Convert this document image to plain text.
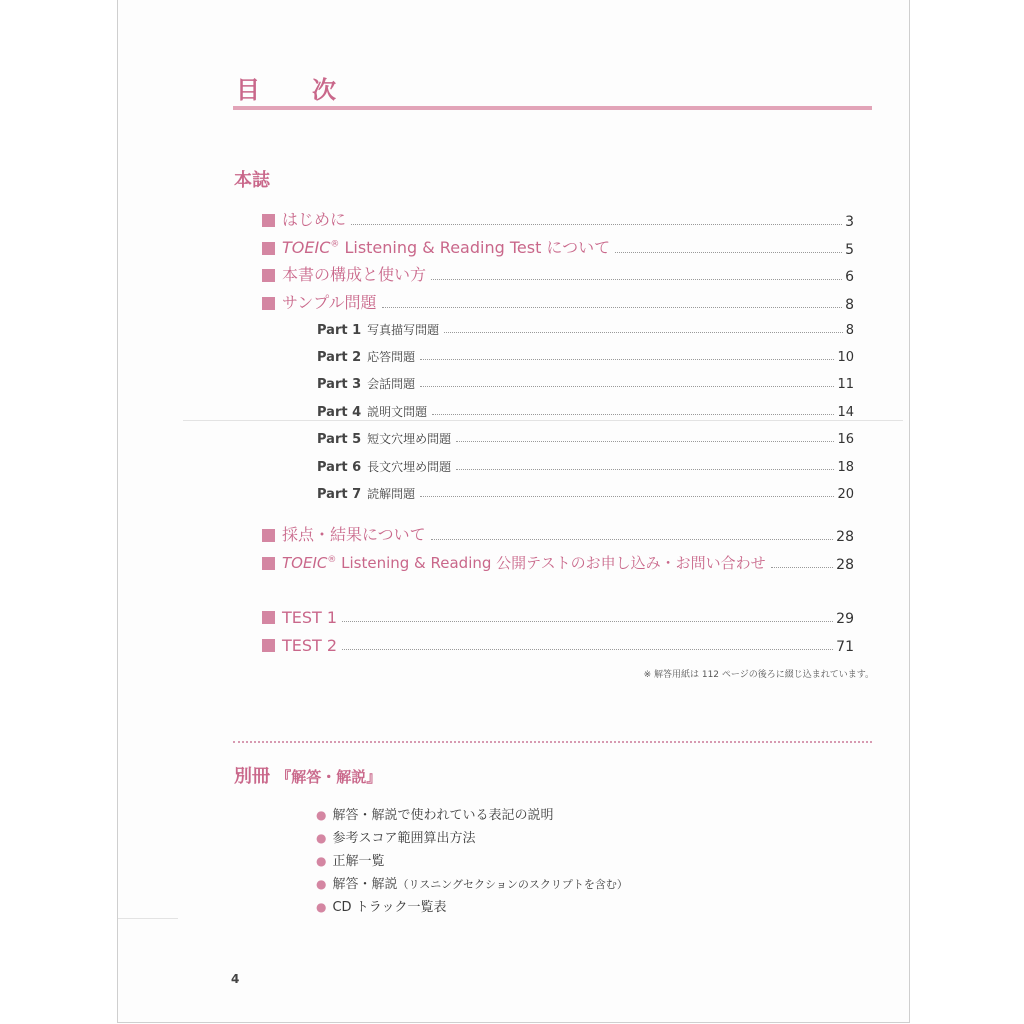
目　次
本誌
はじめに	3
TOEIC® Listening & Reading Test について	5
本書の構成と使い方	6
サンプル問題	8
Part 1 写真描写問題	8
Part 2 応答問題	10
Part 3 会話問題	11
Part 4 説明文問題	14
Part 5 短文穴埋め問題	16
Part 6 長文穴埋め問題	18
Part 7 読解問題	20
採点・結果について	28
TOEIC® Listening & Reading 公開テストのお申し込み・お問い合わせ	28
TEST 1	29
TEST 2	71
※ 解答用紙は 112 ページの後ろに綴じ込まれています。
別冊 『解答・解説』
● 解答・解説で使われている表記の説明
● 参考スコア範囲算出方法
● 正解一覧
● 解答・解説（リスニングセクションのスクリプトを含む）
● CD トラック一覧表
4
